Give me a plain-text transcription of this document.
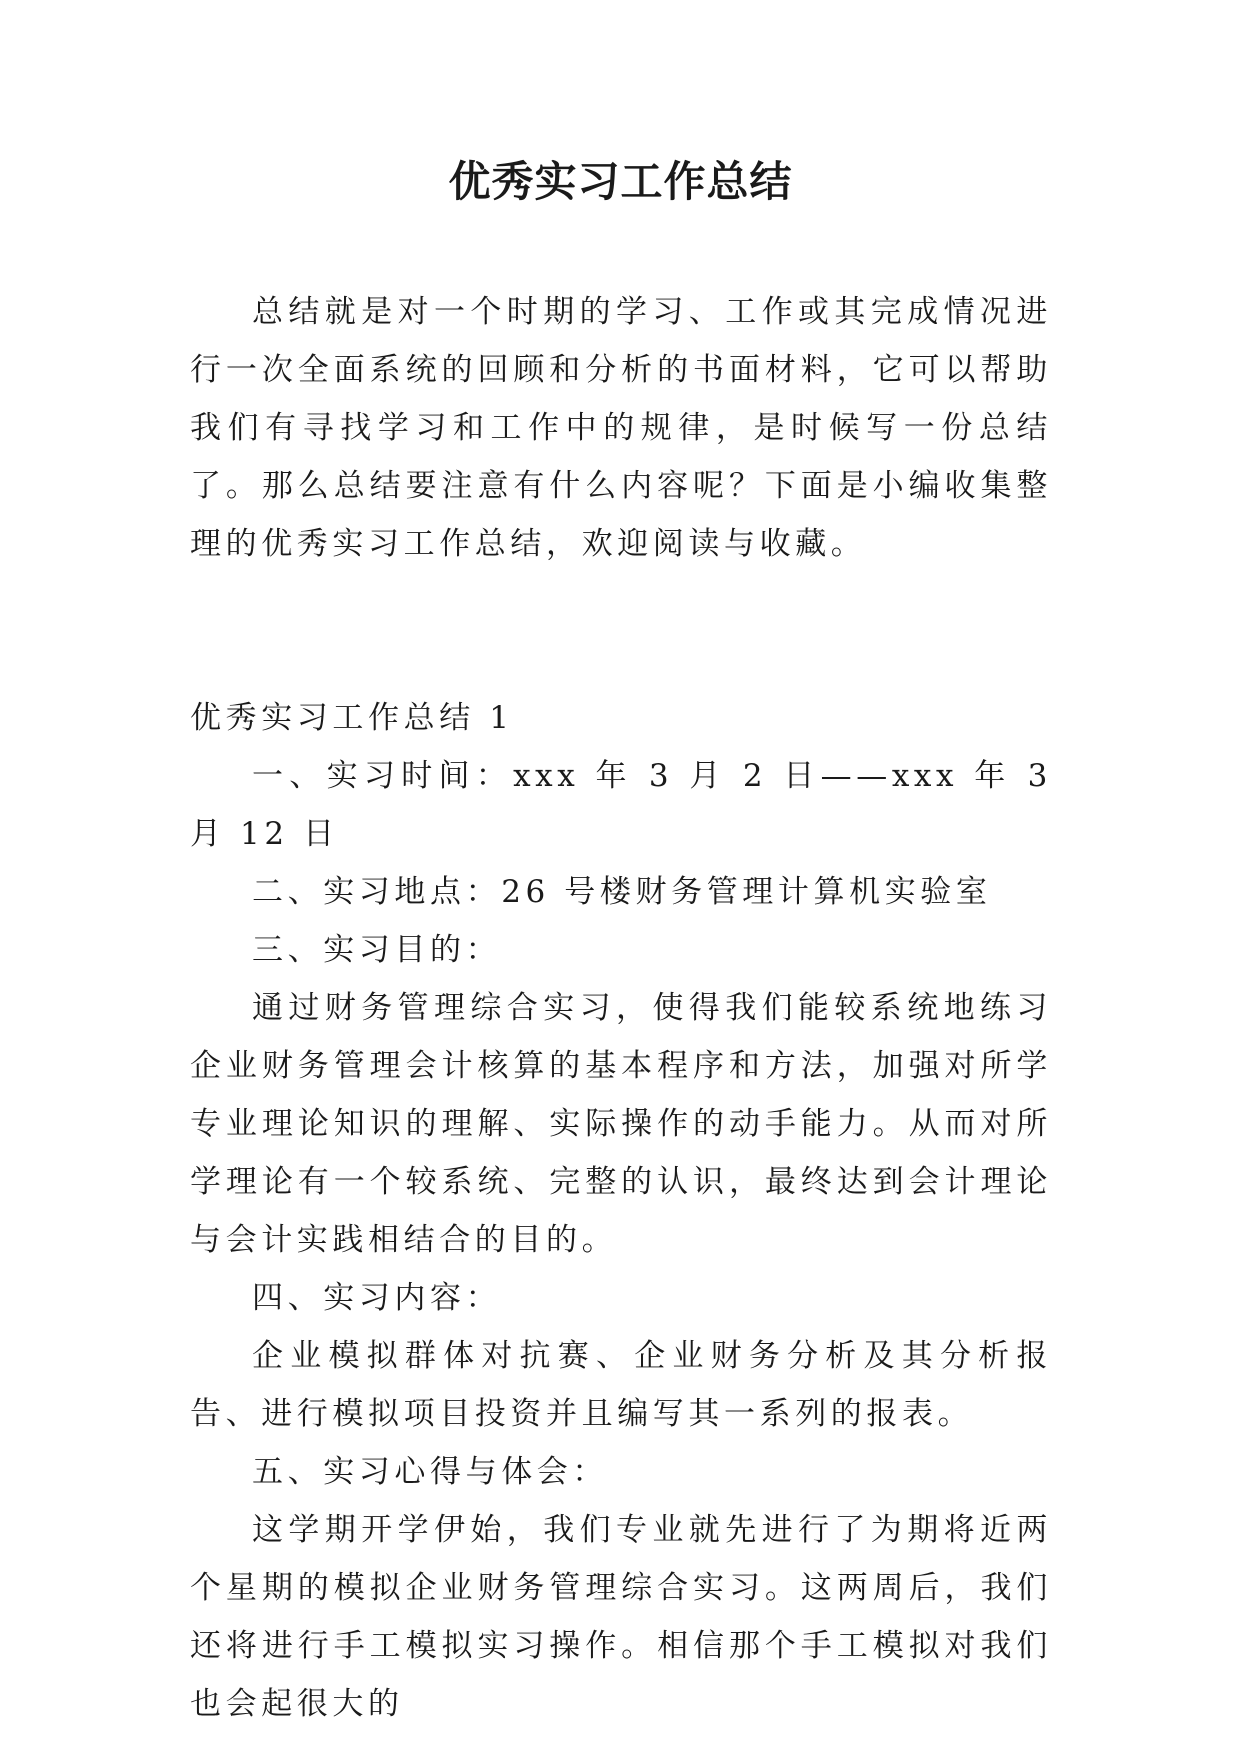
优秀实习工作总结

总结就是对一个时期的学习、工作或其完成情况进行一次全面系统的回顾和分析的书面材料，它可以帮助我们有寻找学习和工作中的规律，是时候写一份总结了。那么总结要注意有什么内容呢？下面是小编收集整理的优秀实习工作总结，欢迎阅读与收藏。

优秀实习工作总结 1

一、实习时间：xxx 年 3 月 2 日——xxx 年 3 月 12 日

二、实习地点：26 号楼财务管理计算机实验室

三、实习目的：

通过财务管理综合实习，使得我们能较系统地练习企业财务管理会计核算的基本程序和方法，加强对所学专业理论知识的理解、实际操作的动手能力。从而对所学理论有一个较系统、完整的认识，最终达到会计理论与会计实践相结合的目的。

四、实习内容：

企业模拟群体对抗赛、企业财务分析及其分析报告、进行模拟项目投资并且编写其一系列的报表。

五、实习心得与体会：

这学期开学伊始，我们专业就先进行了为期将近两个星期的模拟企业财务管理综合实习。这两周后，我们还将进行手工模拟实习操作。相信那个手工模拟对我们也会起很大的
